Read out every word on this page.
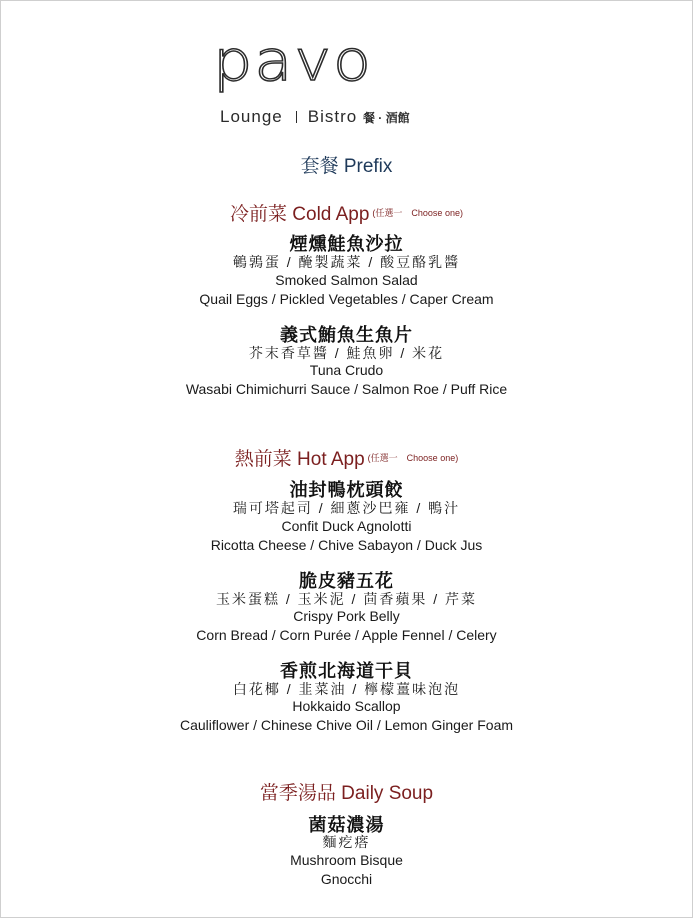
pavo
Lounge Bistro 餐 · 酒館
套餐 Prefix
冷前菜 Cold App $^{(任選一 Choose one)}$
煙燻鮭魚沙拉
鵪鶉蛋 / 醃製蔬菜 / 酸豆酪乳醬
Smoked Salmon Salad
Quail Eggs / Pickled Vegetables / Caper Cream
義式鮪魚生魚片
芥末香草醬 / 鮭魚卵 / 米花
Tuna Crudo
Wasabi Chimichurri Sauce / Salmon Roe / Puff Rice
熱前菜 Hot App $^{(任選一 Choose one)}$
油封鴨枕頭餃
瑞可塔起司 / 細蔥沙巴雍 / 鴨汁
Confit Duck Agnolotti
Ricotta Cheese / Chive Sabayon / Duck Jus
脆皮豬五花
玉米蛋糕 / 玉米泥 / 茴香蘋果 / 芹菜
Crispy Pork Belly
Corn Bread / Corn Purée / Apple Fennel / Celery
香煎北海道干貝
白花椰 / 韭菜油 / 檸檬薑味泡泡
Hokkaido Scallop
Cauliflower / Chinese Chive Oil / Lemon Ginger Foam
當季湯品 Daily Soup
菌菇濃湯
麵疙瘩
Mushroom Bisque
Gnocchi
